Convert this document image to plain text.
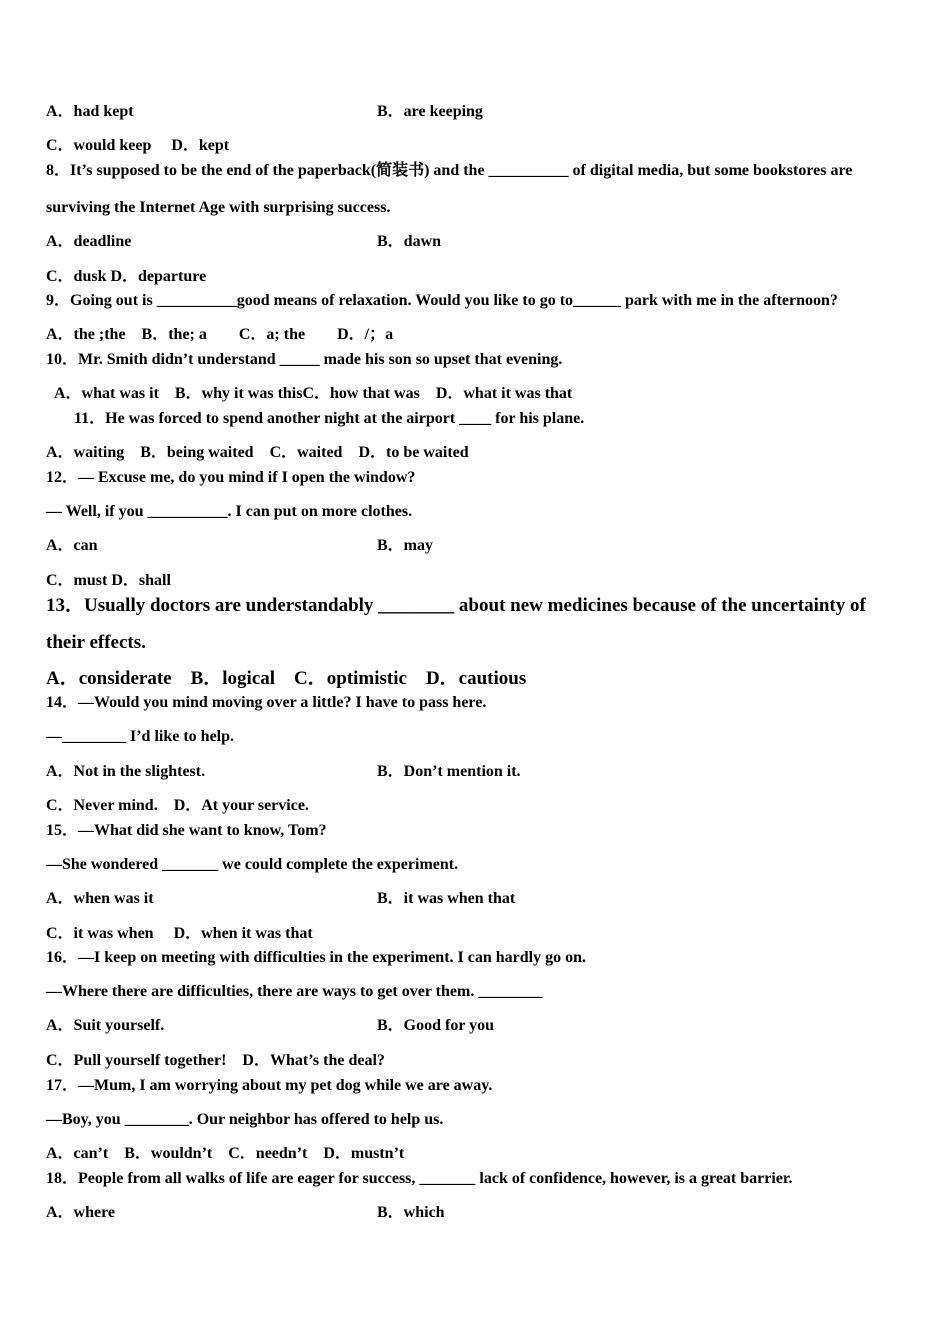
A．had kept	B．are keeping
C．would keep　 D．kept
8．It’s supposed to be the end of the paperback(简装书) and the __________ of digital media, but some bookstores are
surviving the Internet Age with surprising success.
A．deadline	B．dawn
C．dusk D．departure
9．Going out is __________good means of relaxation. Would you like to go to______ park with me in the afternoon?
A．the ;the　B．the; a　　C．a; the　　D．/；a
10．Mr. Smith didn’t understand _____ made his son so upset that evening.
A．what was it　B．why it was thisC．how that was　D．what it was that
11．He was forced to spend another night at the airport ____ for his plane.
A．waiting　B．being waited　C．waited　D．to be waited
12．— Excuse me, do you mind if I open the window?
— Well, if you __________. I can put on more clothes.
A．can	B．may
C．must D．shall
13．Usually doctors are understandably ________ about new medicines because of the uncertainty of
their effects.
A．considerate　B．logical　C．optimistic　D．cautious
14．—Would you mind moving over a little? I have to pass here.
—________ I’d like to help.
A．Not in the slightest.	B．Don’t mention it.
C．Never mind.　D．At your service.
15．—What did she want to know, Tom?
—She wondered _______ we could complete the experiment.
A．when was it	B．it was when that
C．it was when　 D．when it was that
16．—I keep on meeting with difficulties in the experiment. I can hardly go on.
—Where there are difficulties, there are ways to get over them. ________
A．Suit yourself.	B．Good for you
C．Pull yourself together!　D．What’s the deal?
17．—Mum, I am worrying about my pet dog while we are away.
—Boy, you ________. Our neighbor has offered to help us.
A．can’t　B．wouldn’t　C．needn’t　D．mustn’t
18．People from all walks of life are eager for success, _______ lack of confidence, however, is a great barrier.
A．where	B．which
